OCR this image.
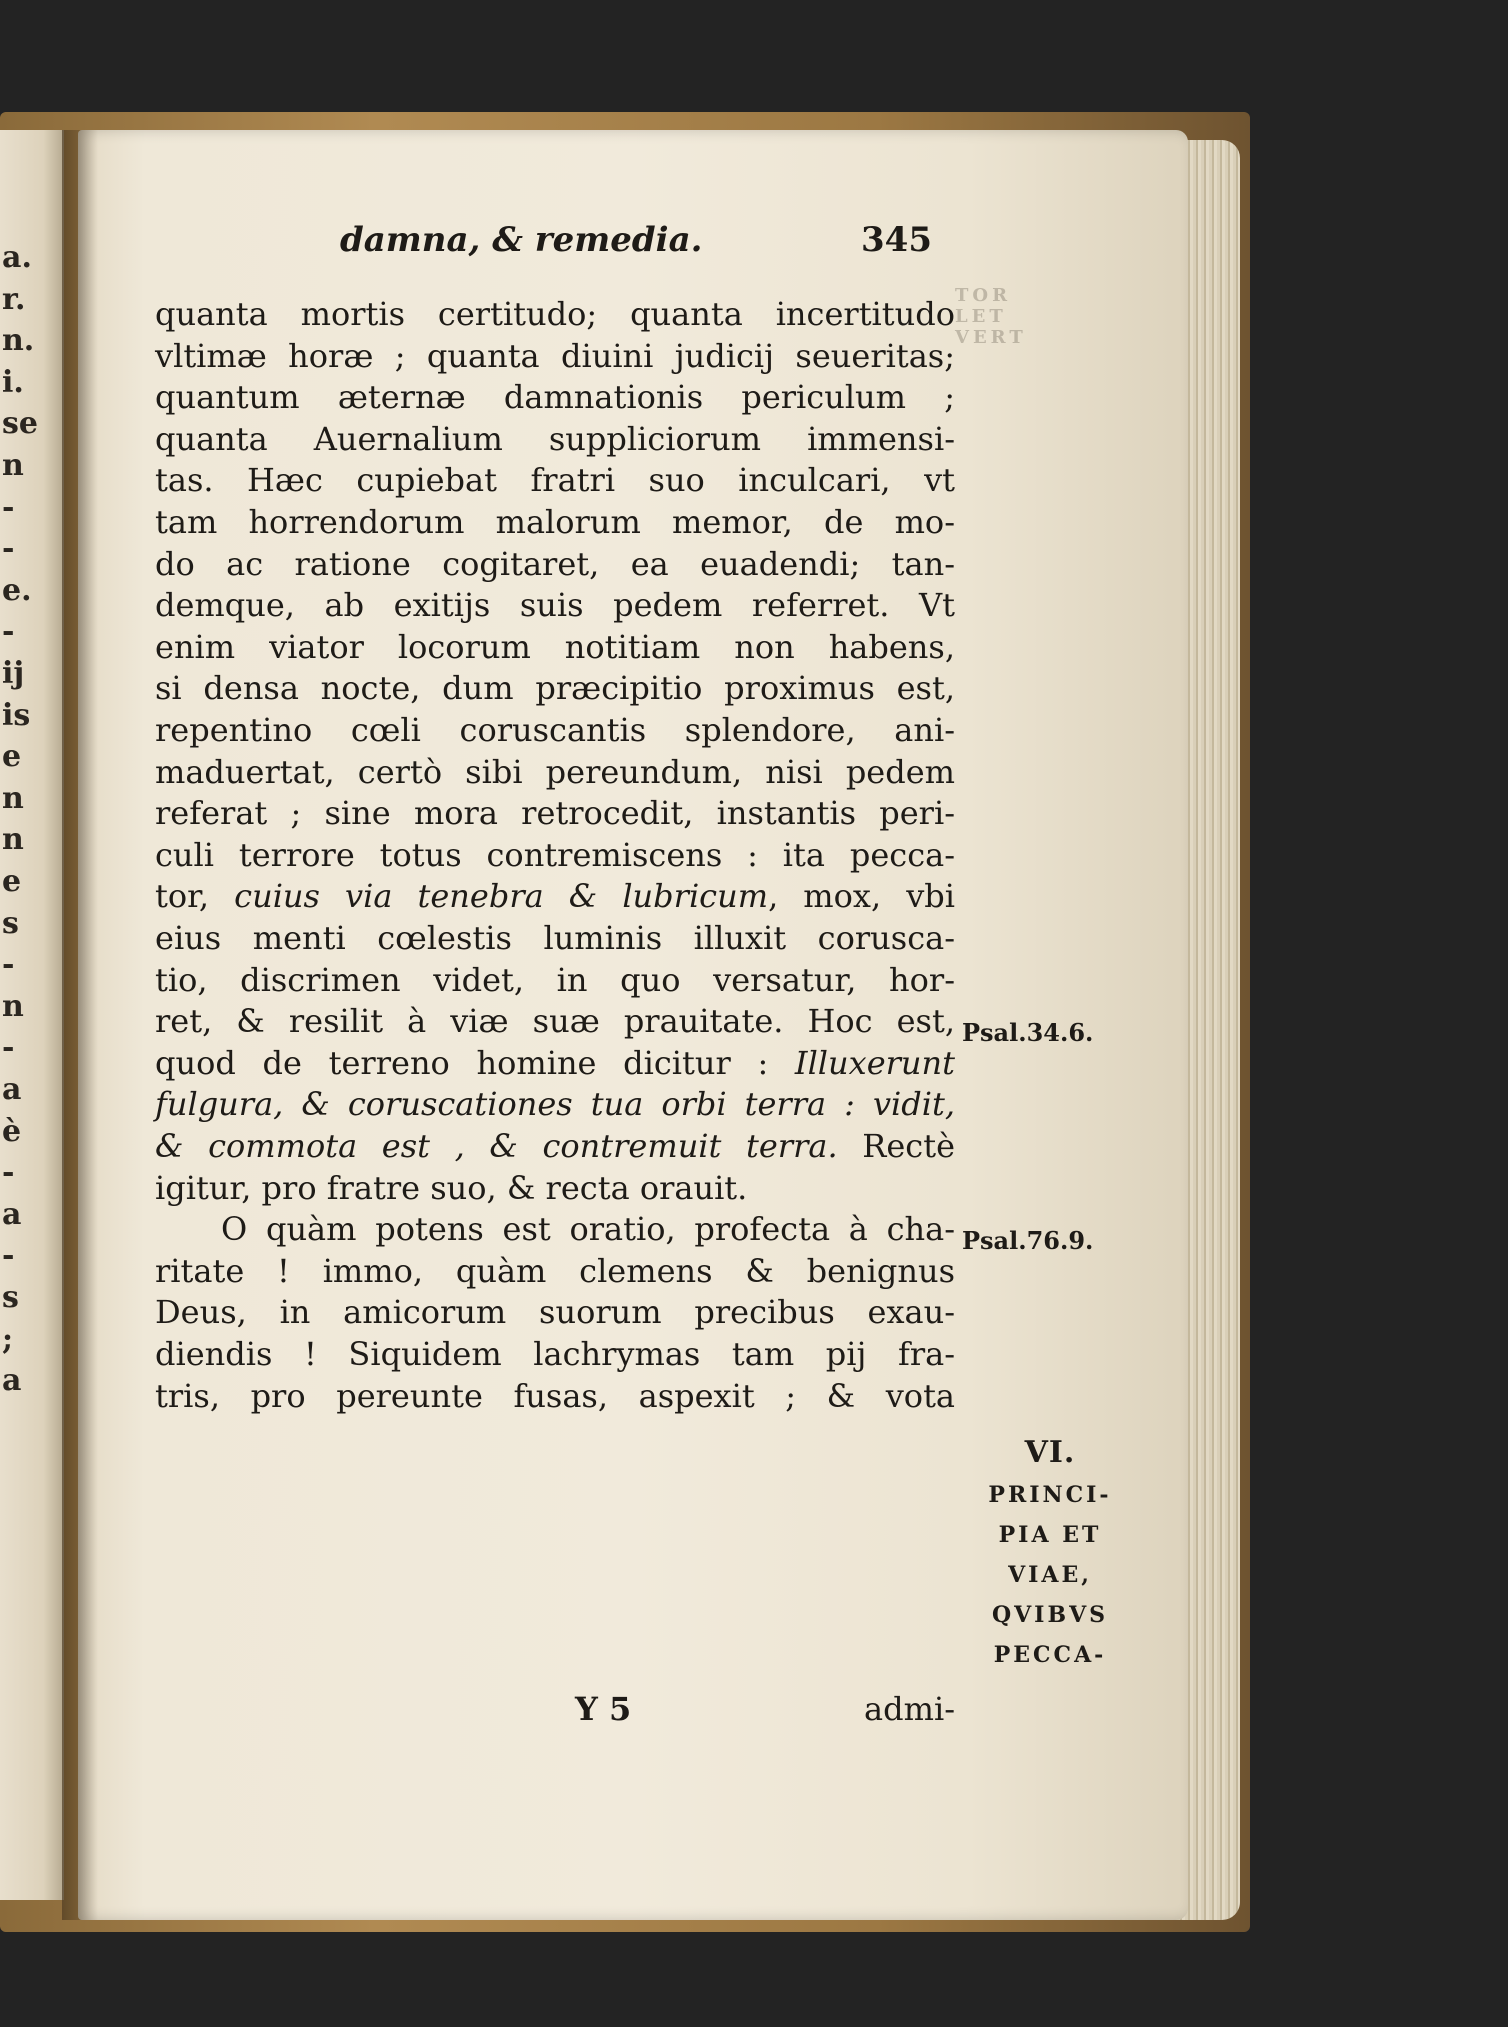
a.
r.
n.
i.
se
n
-
-
e.
-
ij
is
e
n
n
e
s
-
n
-
a
è
-
a
-
s
;
a
TOR
LET
VERT
damna, & remedia.	345
quanta mortis certitudo; quanta incertitudo
vltimæ horæ ; quanta diuini judicij seueritas;
quantum æternæ damnationis periculum ;
quanta Auernalium suppliciorum immensi-
tas. Hæc cupiebat fratri suo inculcari, vt
tam horrendorum malorum memor, de mo-
do ac ratione cogitaret, ea euadendi; tan-
demque, ab exitijs suis pedem referret. Vt
enim viator locorum notitiam non habens,
si densa nocte, dum præcipitio proximus est,
repentino cœli coruscantis splendore, ani-
maduertat, certò sibi pereundum, nisi pedem
referat ; sine mora retrocedit, instantis peri-
culi terrore totus contremiscens : ita pecca-
tor, cuius via tenebra & lubricum, mox, vbi
eius menti cœlestis luminis illuxit corusca-
tio, discrimen videt, in quo versatur, hor-
ret, & resilit à viæ suæ prauitate. Hoc est,
quod de terreno homine dicitur : Illuxerunt
fulgura, & coruscationes tua orbi terra : vidit,
& commota est , & contremuit terra. Rectè
igitur, pro fratre suo, & recta orauit.
O quàm potens est oratio, profecta à cha-
ritate ! immo, quàm clemens & benignus
Deus, in amicorum suorum precibus exau-
diendis ! Siquidem lachrymas tam pij fra-
tris, pro pereunte fusas, aspexit ; & vota
Psal.34.6.
Psal.76.9.
VI.
PRINCI-
PIA ET
VIAE,
QVIBVS
PECCA-
Y 5	admi-
